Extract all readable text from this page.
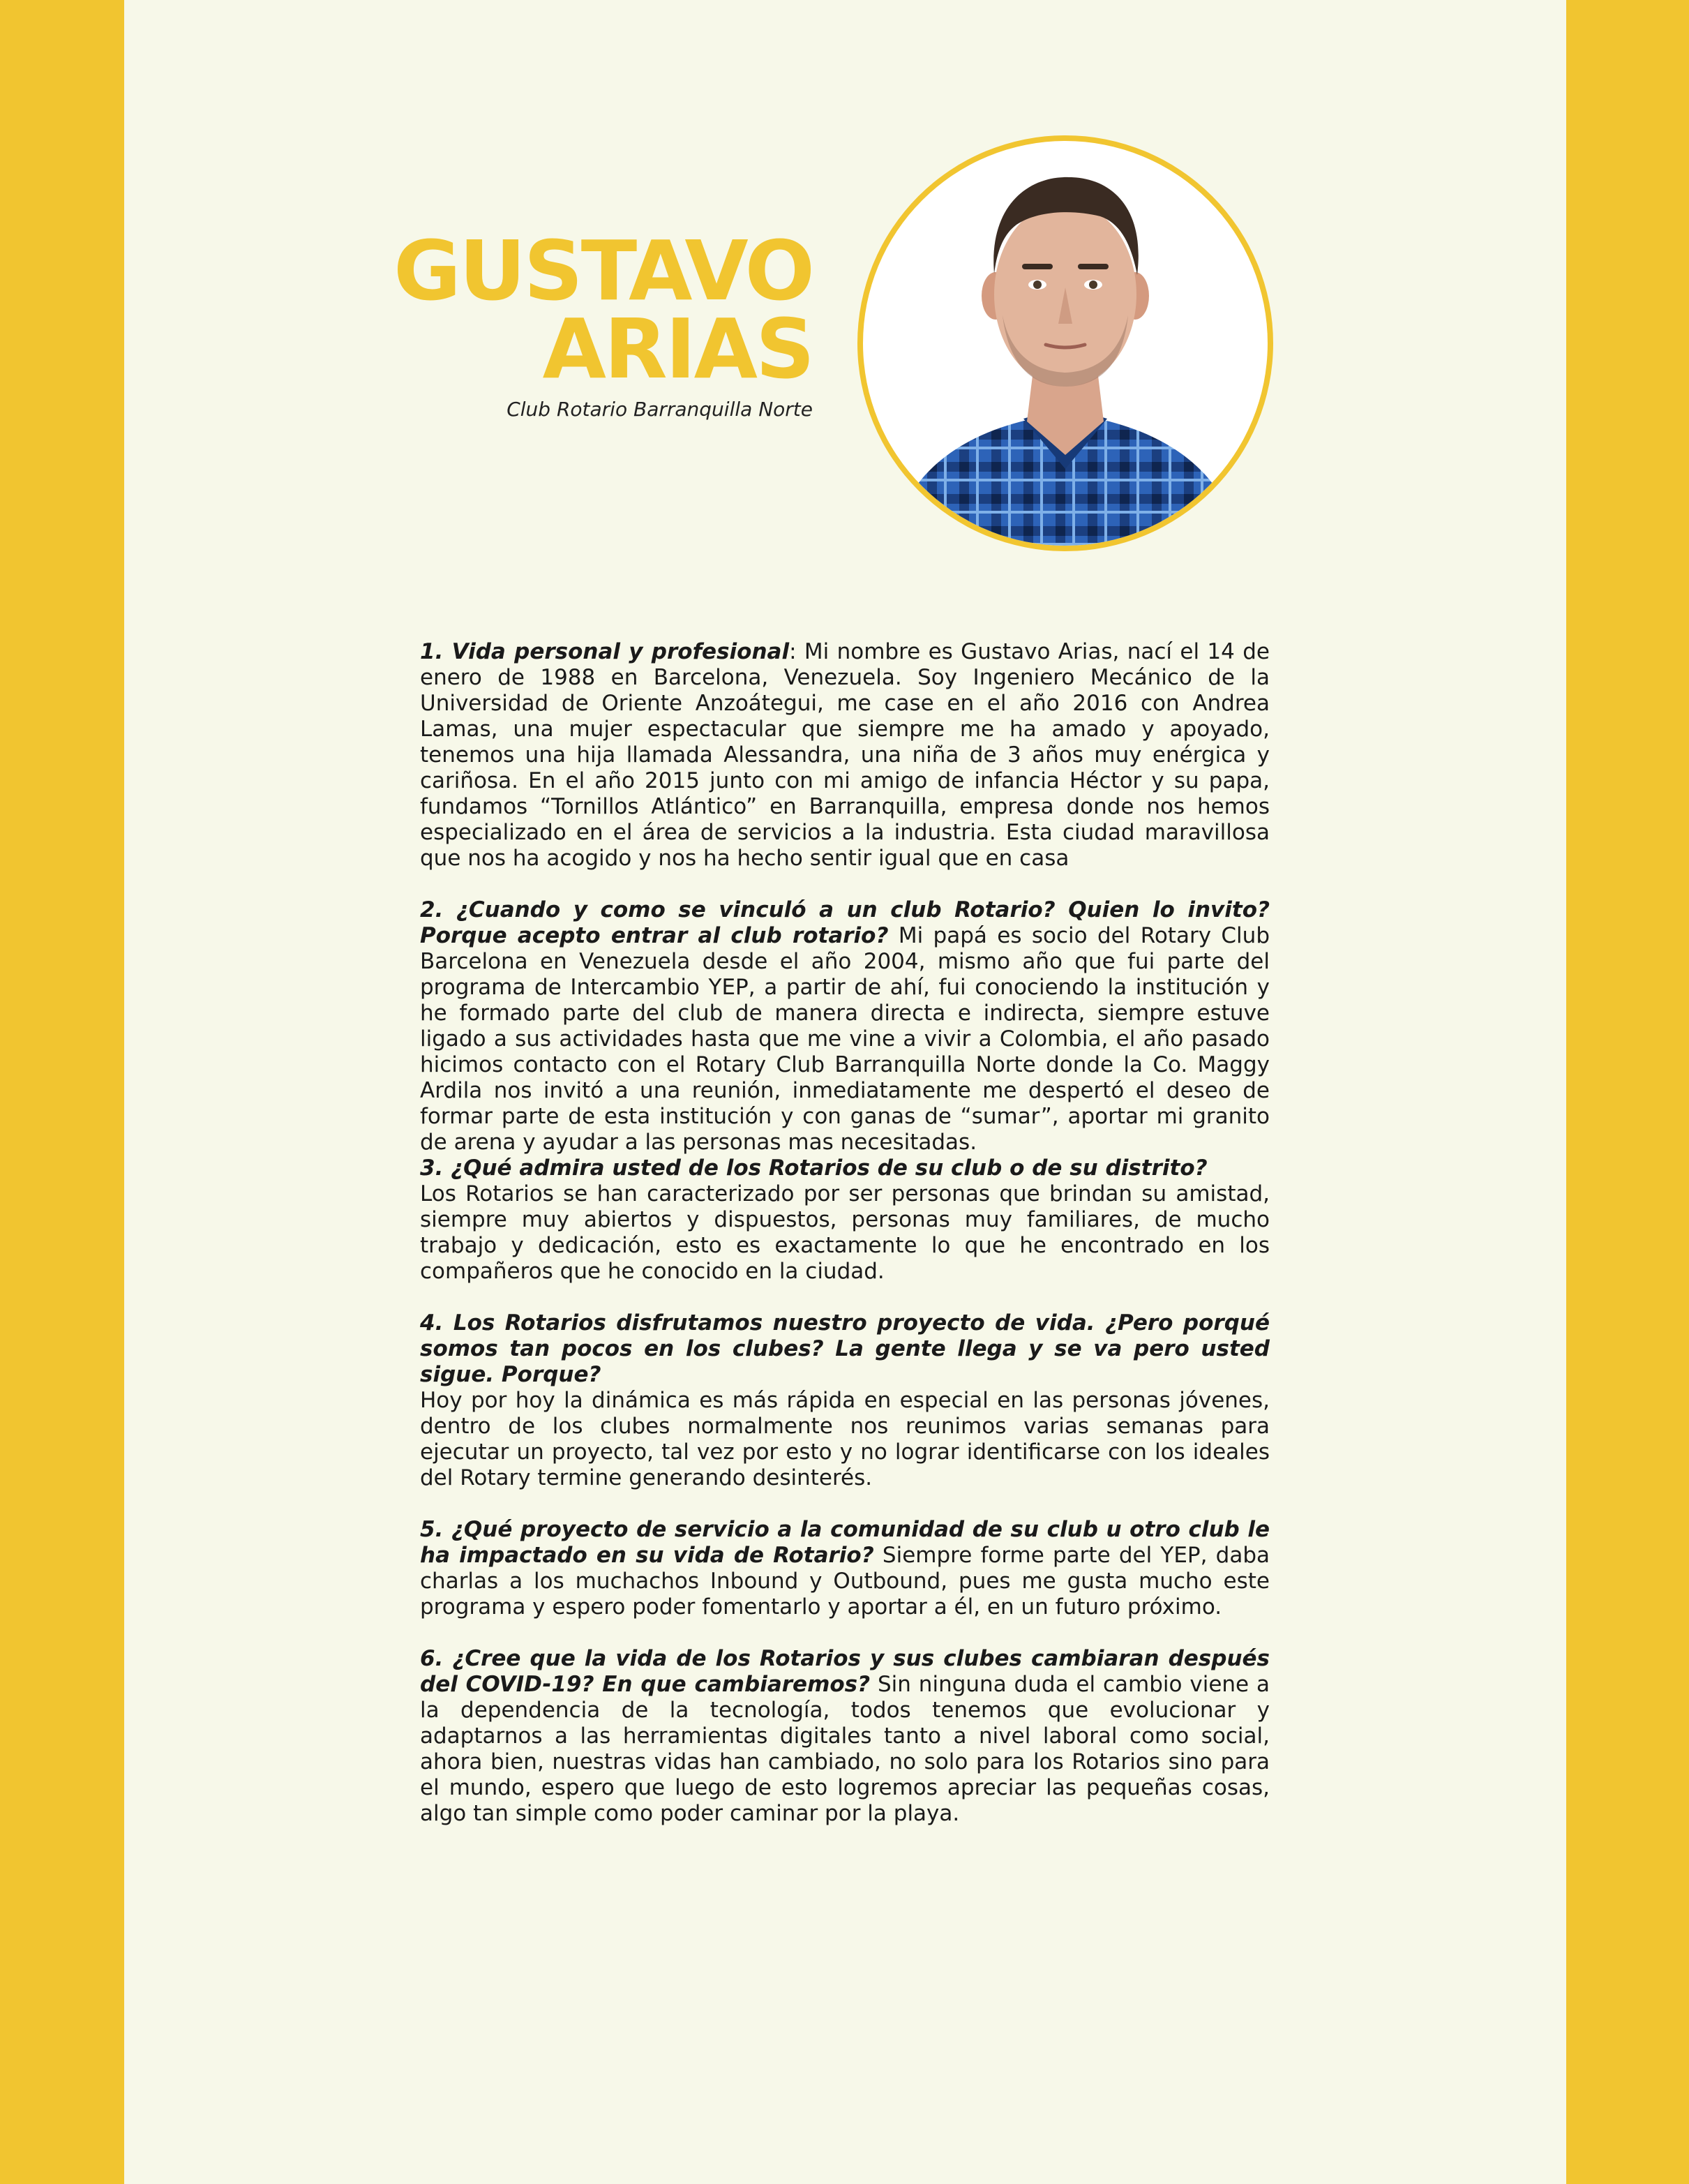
GUSTAVO
ARIAS
Club Rotario Barranquilla Norte

1. Vida personal y profesional: Mi nombre es Gustavo Arias, nací el 14 de enero de 1988 en Barcelona, Venezuela. Soy Ingeniero Mecánico de la Universidad de Oriente Anzoátegui, me case en el año 2016 con Andrea Lamas, una mujer espectacular que siempre me ha amado y apoyado, tenemos una hija llamada Alessandra, una niña de 3 años muy enérgica y cariñosa. En el año 2015 junto con mi amigo de infancia Héctor y su papa, fundamos “Tornillos Atlántico” en Barranquilla, empresa donde nos hemos especializado en el área de servicios a la industria. Esta ciudad maravillosa que nos ha acogido y nos ha hecho sentir igual que en casa

2. ¿Cuando y como se vinculó a un club Rotario? Quien lo invito? Porque acepto entrar al club rotario? Mi papá es socio del Rotary Club Barcelona en Venezuela desde el año 2004, mismo año que fui parte del programa de Intercambio YEP, a partir de ahí, fui conociendo la institución y he formado parte del club de manera directa e indirecta, siempre estuve ligado a sus actividades hasta que me vine a vivir a Colombia, el año pasado hicimos contacto con el Rotary Club Barranquilla Norte donde la Co. Maggy Ardila nos invitó a una reunión, inmediatamente me despertó el deseo de formar parte de esta institución y con ganas de “sumar”, aportar mi granito de arena y ayudar a las personas mas necesitadas.

3. ¿Qué admira usted de los Rotarios de su club o de su distrito?
Los Rotarios se han caracterizado por ser personas que brindan su amistad, siempre muy abiertos y dispuestos, personas muy familiares, de mucho trabajo y dedicación, esto es exactamente lo que he encontrado en los compañeros que he conocido en la ciudad.

4. Los Rotarios disfrutamos nuestro proyecto de vida. ¿Pero porqué somos tan pocos en los clubes? La gente llega y se va pero usted sigue. Porque?
Hoy por hoy la dinámica es más rápida en especial en las personas jóvenes, dentro de los clubes normalmente nos reunimos varias semanas para ejecutar un proyecto, tal vez por esto y no lograr identificarse con los ideales del Rotary termine generando desinterés.

5. ¿Qué proyecto de servicio a la comunidad de su club u otro club le ha impactado en su vida de Rotario? Siempre forme parte del YEP, daba charlas a los muchachos Inbound y Outbound, pues me gusta mucho este programa y espero poder fomentarlo y aportar a él, en un futuro próximo.

6. ¿Cree que la vida de los Rotarios y sus clubes cambiaran después del COVID-19? En que cambiaremos? Sin ninguna duda el cambio viene a la dependencia de la tecnología, todos tenemos que evolucionar y adaptarnos a las herramientas digitales tanto a nivel laboral como social, ahora bien, nuestras vidas han cambiado, no solo para los Rotarios sino para el mundo, espero que luego de esto logremos apreciar las pequeñas cosas, algo tan simple como poder caminar por la playa.
